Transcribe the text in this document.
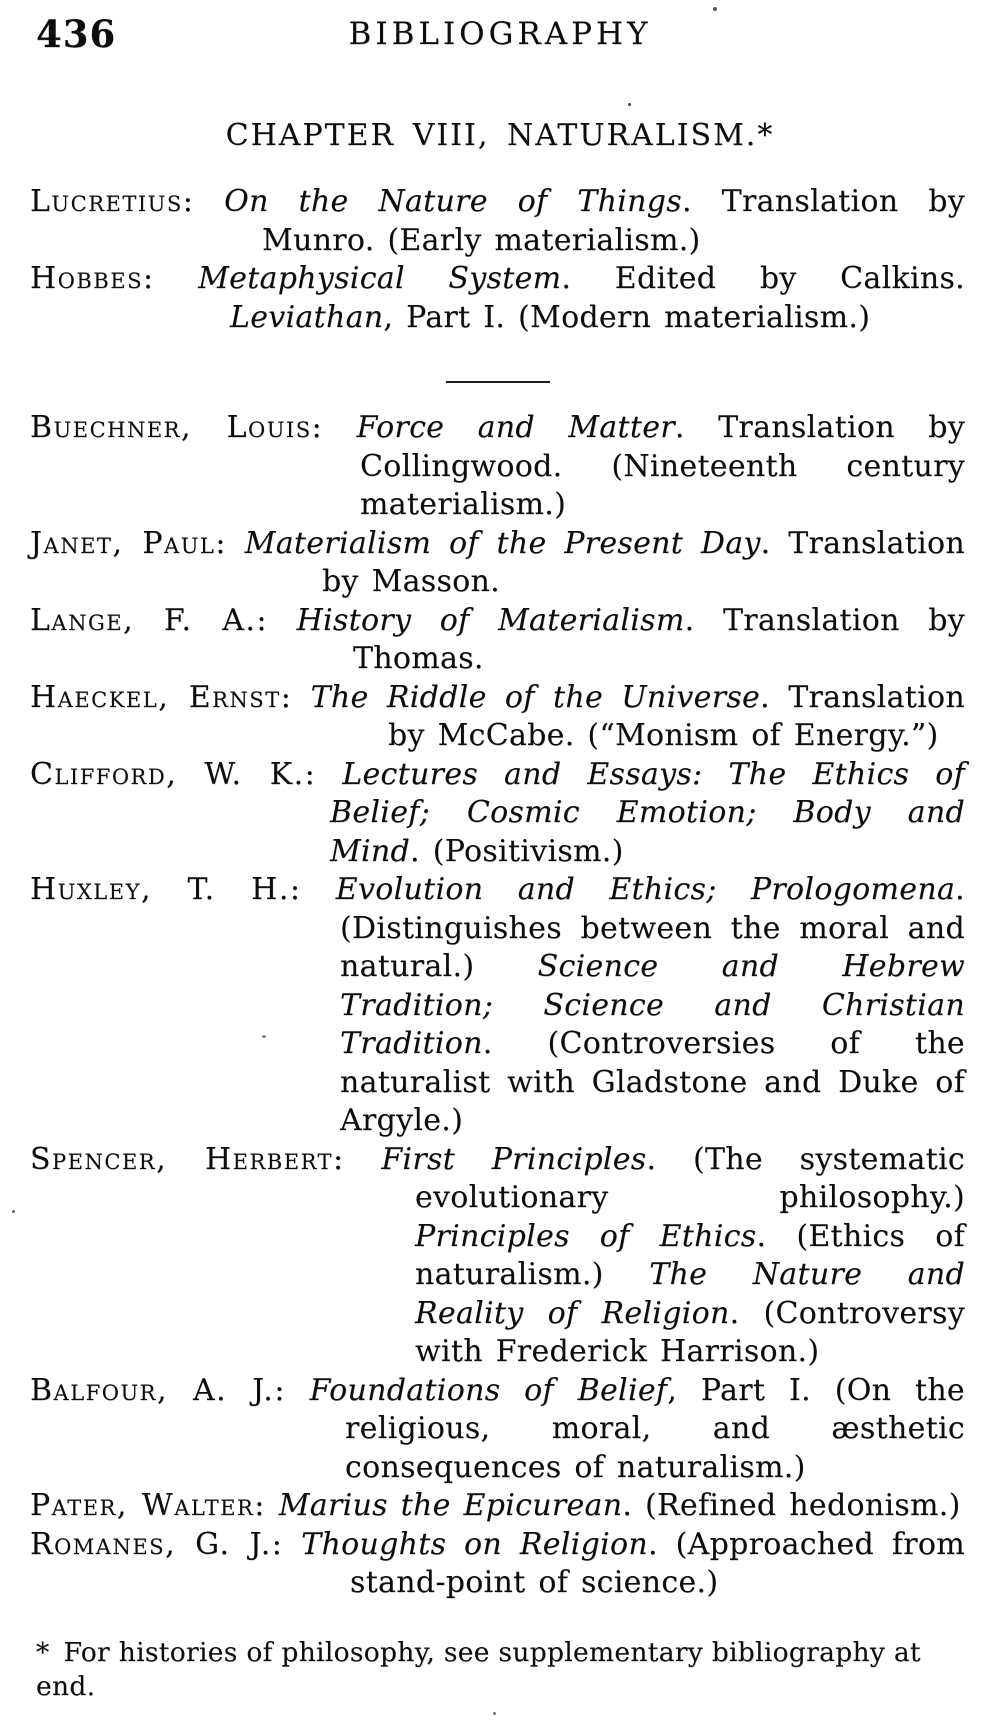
436	BIBLIOGRAPHY
CHAPTER VIII, NATURALISM.*

Lucretius: On the Nature of Things. Translation by Munro. (Early materialism.)

Hobbes: Metaphysical System. Edited by Calkins. Leviathan, Part I. (Modern materialism.)

Buechner, Louis: Force and Matter. Translation by Collingwood. (Nineteenth century materialism.)

Janet, Paul: Materialism of the Present Day. Translation by Masson.

Lange, F. A.: History of Materialism. Translation by Thomas.

Haeckel, Ernst: The Riddle of the Universe. Translation by McCabe. (“Monism of Energy.”)

Clifford, W. K.: Lectures and Essays: The Ethics of Belief; Cosmic Emotion; Body and Mind. (Positivism.)

Huxley, T. H.: Evolution and Ethics; Prologomena. (Distinguishes between the moral and natural.) Science and Hebrew Tradition; Science and Christian Tradition. (Controversies of the naturalist with Gladstone and Duke of Argyle.)

Spencer, Herbert: First Principles. (The systematic evolutionary philosophy.) Principles of Ethics. (Ethics of naturalism.) The Nature and Reality of Religion. (Controversy with Frederick Harrison.)

Balfour, A. J.: Foundations of Belief, Part I. (On the religious, moral, and æsthetic consequences of naturalism.)

Pater, Walter: Marius the Epicurean. (Refined hedonism.)

Romanes, G. J.: Thoughts on Religion. (Approached from stand-point of science.)

* For histories of philosophy, see supplementary bibliography at end.
